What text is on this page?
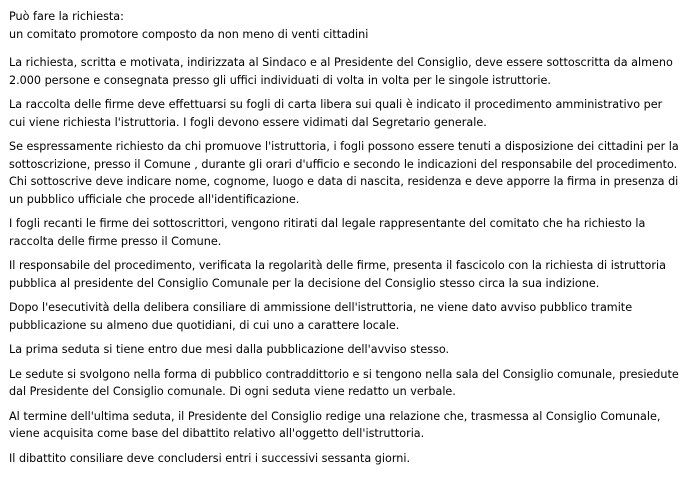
Può fare la richiesta:
un comitato promotore composto da non meno di venti cittadini

La richiesta, scritta e motivata, indirizzata al Sindaco e al Presidente del Consiglio, deve essere sottoscritta da almeno 2.000 persone e consegnata presso gli uffici individuati di volta in volta per le singole istruttorie.

La raccolta delle firme deve effettuarsi su fogli di carta libera sui quali è indicato il procedimento amministrativo per cui viene richiesta l'istruttoria. I fogli devono essere vidimati dal Segretario generale.

Se espressamente richiesto da chi promuove l'istruttoria, i fogli possono essere tenuti a disposizione dei cittadini per la sottoscrizione, presso il Comune , durante gli orari d'ufficio e secondo le indicazioni del responsabile del procedimento. Chi sottoscrive deve indicare nome, cognome, luogo e data di nascita, residenza e deve apporre la firma in presenza di un pubblico ufficiale che procede all'identificazione.

I fogli recanti le firme dei sottoscrittori, vengono ritirati dal legale rappresentante del comitato che ha richiesto la raccolta delle firme presso il Comune.

Il responsabile del procedimento, verificata la regolarità delle firme, presenta il fascicolo con la richiesta di istruttoria pubblica al presidente del Consiglio Comunale per la decisione del Consiglio stesso circa la sua indizione.

Dopo l'esecutività della delibera consiliare di ammissione dell'istruttoria, ne viene dato avviso pubblico tramite pubblicazione su almeno due quotidiani, di cui uno a carattere locale.

La prima seduta si tiene entro due mesi dalla pubblicazione dell'avviso stesso.

Le sedute si svolgono nella forma di pubblico contraddittorio e si tengono nella sala del Consiglio comunale, presiedute dal Presidente del Consiglio comunale. Di ogni seduta viene redatto un verbale.

Al termine dell'ultima seduta, il Presidente del Consiglio redige una relazione che, trasmessa al Consiglio Comunale, viene acquisita come base del dibattito relativo all'oggetto dell'istruttoria.

Il dibattito consiliare deve concludersi entri i successivi sessanta giorni.
